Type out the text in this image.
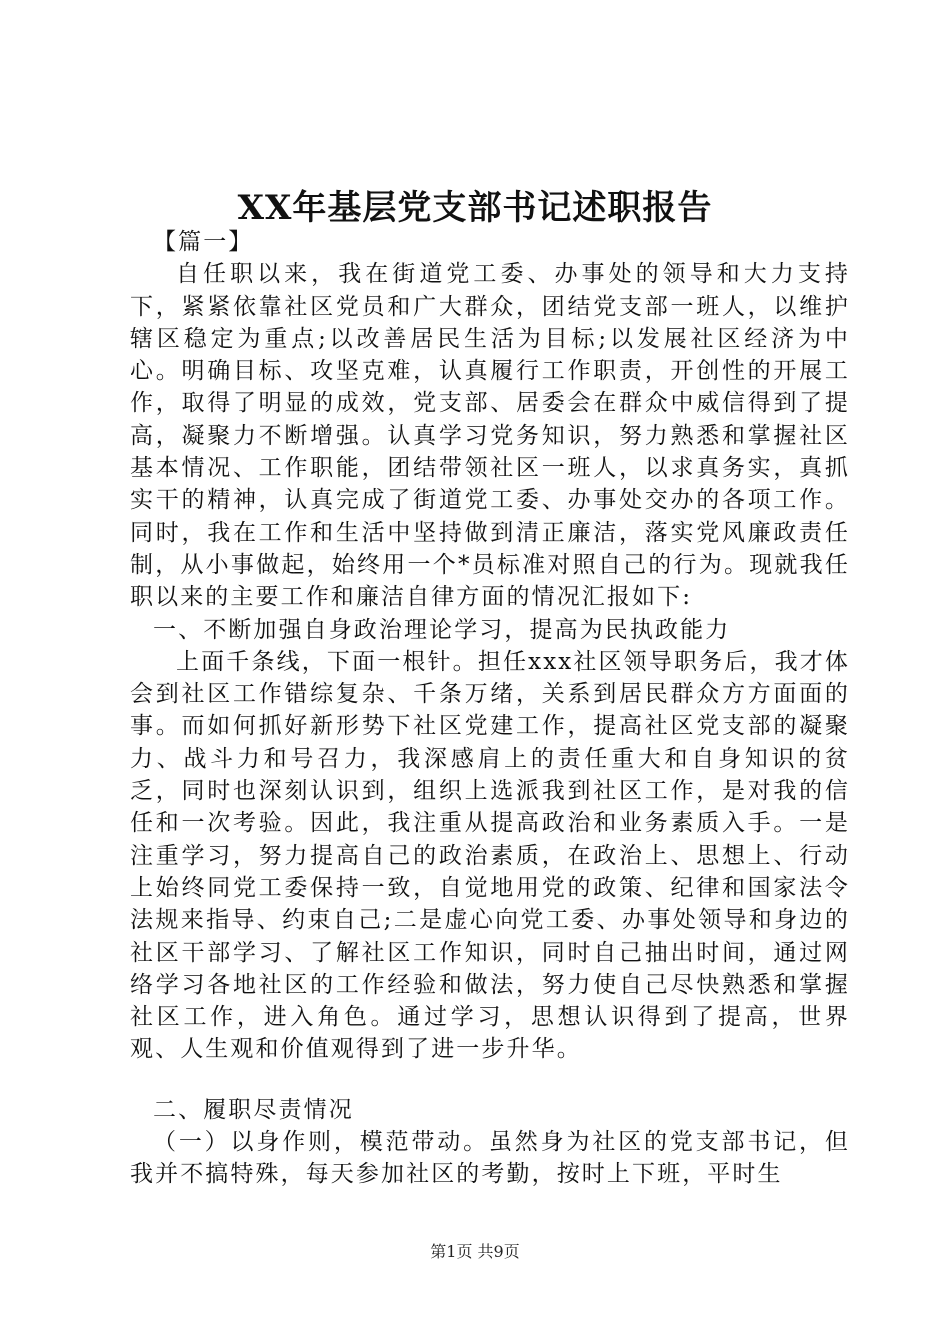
XX年基层党支部书记述职报告

【篇一】

自任职以来，我在街道党工委、办事处的领导和大力支持下，紧紧依靠社区党员和广大群众，团结党支部一班人，以维护辖区稳定为重点;以改善居民生活为目标;以发展社区经济为中心。明确目标、攻坚克难，认真履行工作职责，开创性的开展工作，取得了明显的成效，党支部、居委会在群众中威信得到了提高，凝聚力不断增强。认真学习党务知识，努力熟悉和掌握社区基本情况、工作职能，团结带领社区一班人，以求真务实，真抓实干的精神，认真完成了街道党工委、办事处交办的各项工作。同时，我在工作和生活中坚持做到清正廉洁，落实党风廉政责任制，从小事做起，始终用一个*员标准对照自己的行为。现就我任职以来的主要工作和廉洁自律方面的情况汇报如下:

一、不断加强自身政治理论学习，提高为民执政能力

上面千条线，下面一根针。担任xxx社区领导职务后，我才体会到社区工作错综复杂、千条万绪，关系到居民群众方方面面的事。而如何抓好新形势下社区党建工作，提高社区党支部的凝聚力、战斗力和号召力，我深感肩上的责任重大和自身知识的贫乏，同时也深刻认识到，组织上选派我到社区工作，是对我的信任和一次考验。因此，我注重从提高政治和业务素质入手。一是注重学习，努力提高自己的政治素质，在政治上、思想上、行动上始终同党工委保持一致，自觉地用党的政策、纪律和国家法令法规来指导、约束自己;二是虚心向党工委、办事处领导和身边的社区干部学习、了解社区工作知识，同时自己抽出时间，通过网络学习各地社区的工作经验和做法，努力使自己尽快熟悉和掌握社区工作，进入角色。通过学习，思想认识得到了提高，世界观、人生观和价值观得到了进一步升华。

二、履职尽责情况

（一）以身作则，模范带动。虽然身为社区的党支部书记，但我并不搞特殊，每天参加社区的考勤，按时上下班，平时生

第1页 共9页
